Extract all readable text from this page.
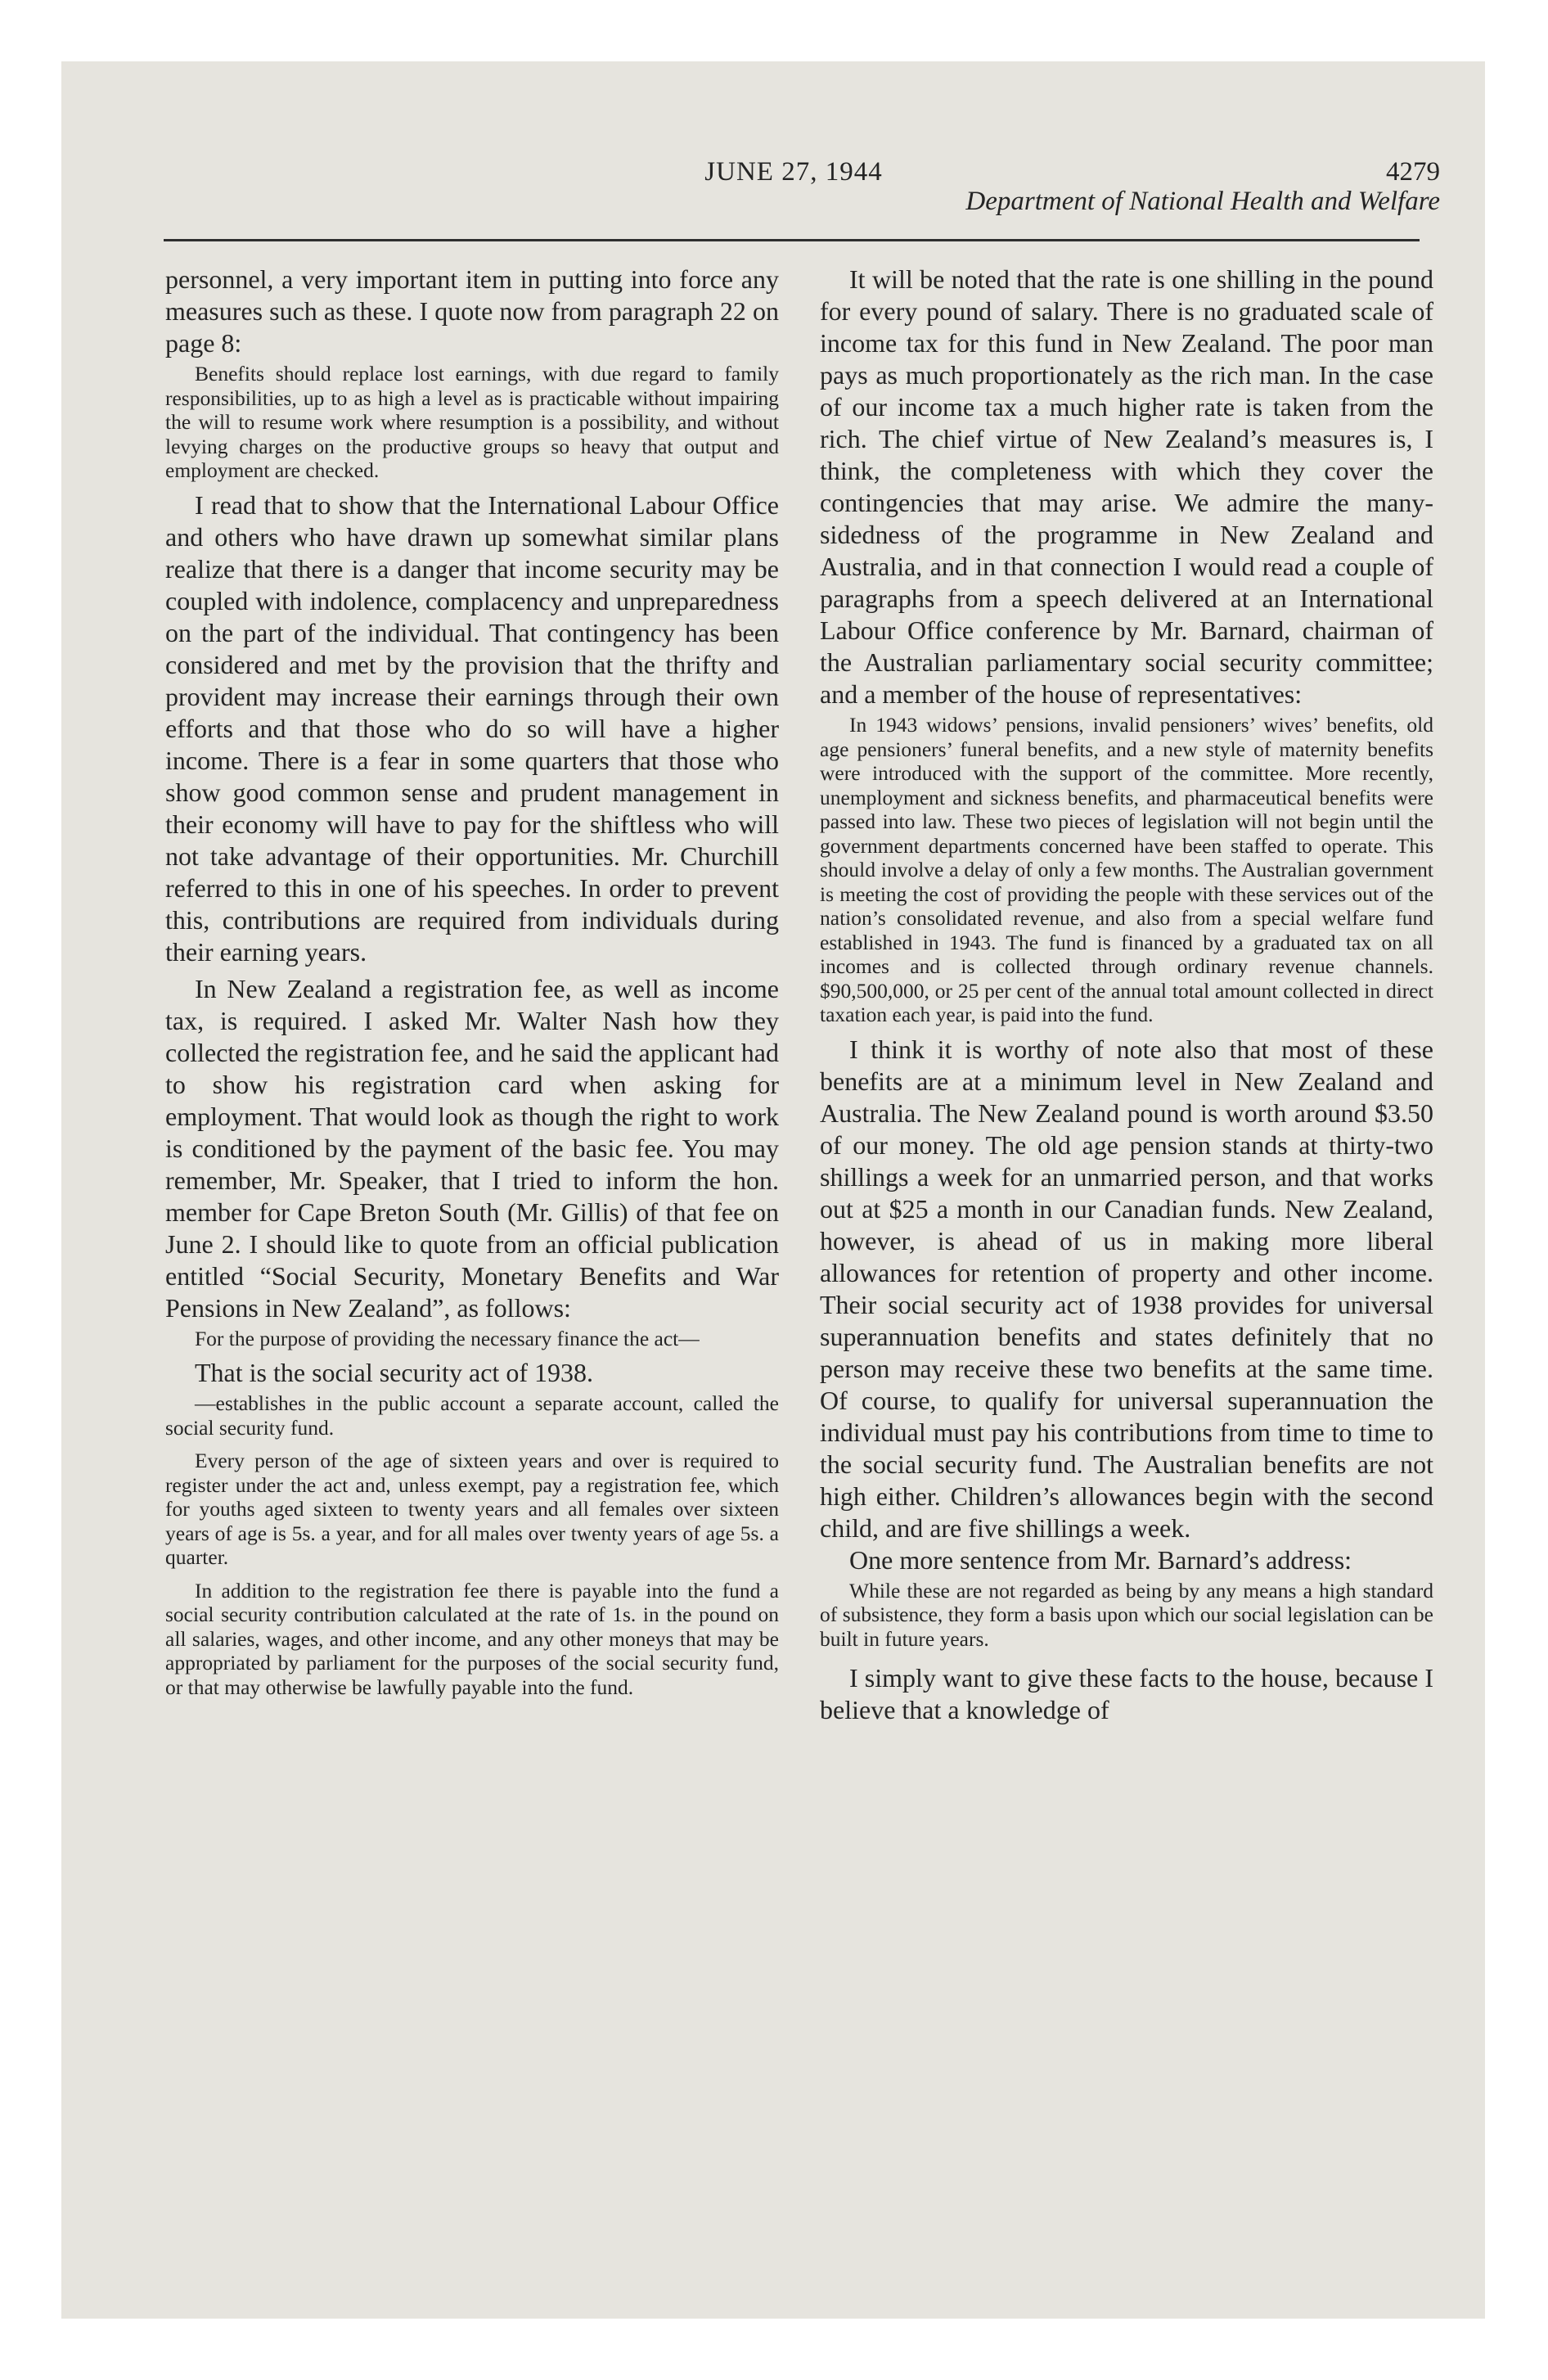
JUNE 27, 1944	4279
Department of National Health and Welfare

personnel, a very important item in putting into force any measures such as these. I quote now from paragraph 22 on page 8:

Benefits should replace lost earnings, with due regard to family responsibilities, up to as high a level as is practicable without impairing the will to resume work where resumption is a possibility, and without levying charges on the productive groups so heavy that output and employment are checked.

I read that to show that the International Labour Office and others who have drawn up somewhat similar plans realize that there is a danger that income security may be coupled with indolence, complacency and unpreparedness on the part of the individual. That contingency has been considered and met by the provision that the thrifty and provident may increase their earnings through their own efforts and that those who do so will have a higher income. There is a fear in some quarters that those who show good common sense and prudent management in their economy will have to pay for the shiftless who will not take advantage of their opportunities. Mr. Churchill referred to this in one of his speeches. In order to prevent this, contributions are required from individuals during their earning years.

In New Zealand a registration fee, as well as income tax, is required. I asked Mr. Walter Nash how they collected the registration fee, and he said the applicant had to show his registration card when asking for employment. That would look as though the right to work is conditioned by the payment of the basic fee. You may remember, Mr. Speaker, that I tried to inform the hon. member for Cape Breton South (Mr. Gillis) of that fee on June 2. I should like to quote from an official publication entitled “Social Security, Monetary Benefits and War Pensions in New Zealand”, as follows:

For the purpose of providing the necessary finance the act—

That is the social security act of 1938.

—establishes in the public account a separate account, called the social security fund.

Every person of the age of sixteen years and over is required to register under the act and, unless exempt, pay a registration fee, which for youths aged sixteen to twenty years and all females over sixteen years of age is 5s. a year, and for all males over twenty years of age 5s. a quarter.

In addition to the registration fee there is payable into the fund a social security contribution calculated at the rate of 1s. in the pound on all salaries, wages, and other income, and any other moneys that may be appropriated by parliament for the purposes of the social security fund, or that may otherwise be lawfully payable into the fund.

It will be noted that the rate is one shilling in the pound for every pound of salary. There is no graduated scale of income tax for this fund in New Zealand. The poor man pays as much proportionately as the rich man. In the case of our income tax a much higher rate is taken from the rich. The chief virtue of New Zealand’s measures is, I think, the completeness with which they cover the contingencies that may arise. We admire the many-sidedness of the programme in New Zealand and Australia, and in that connection I would read a couple of paragraphs from a speech delivered at an International Labour Office conference by Mr. Barnard, chairman of the Australian parliamentary social security committee; and a member of the house of representatives:

In 1943 widows’ pensions, invalid pensioners’ wives’ benefits, old age pensioners’ funeral benefits, and a new style of maternity benefits were introduced with the support of the committee. More recently, unemployment and sickness benefits, and pharmaceutical benefits were passed into law. These two pieces of legislation will not begin until the government departments concerned have been staffed to operate. This should involve a delay of only a few months. The Australian government is meeting the cost of providing the people with these services out of the nation’s consolidated revenue, and also from a special welfare fund established in 1943. The fund is financed by a graduated tax on all incomes and is collected through ordinary revenue channels. $90,500,000, or 25 per cent of the annual total amount collected in direct taxation each year, is paid into the fund.

I think it is worthy of note also that most of these benefits are at a minimum level in New Zealand and Australia. The New Zealand pound is worth around $3.50 of our money. The old age pension stands at thirty-two shillings a week for an unmarried person, and that works out at $25 a month in our Canadian funds. New Zealand, however, is ahead of us in making more liberal allowances for retention of property and other income. Their social security act of 1938 provides for universal superannuation benefits and states definitely that no person may receive these two benefits at the same time. Of course, to qualify for universal superannuation the individual must pay his contributions from time to time to the social security fund. The Australian benefits are not high either. Children’s allowances begin with the second child, and are five shillings a week.

One more sentence from Mr. Barnard’s address:

While these are not regarded as being by any means a high standard of subsistence, they form a basis upon which our social legislation can be built in future years.

I simply want to give these facts to the house, because I believe that a knowledge of
